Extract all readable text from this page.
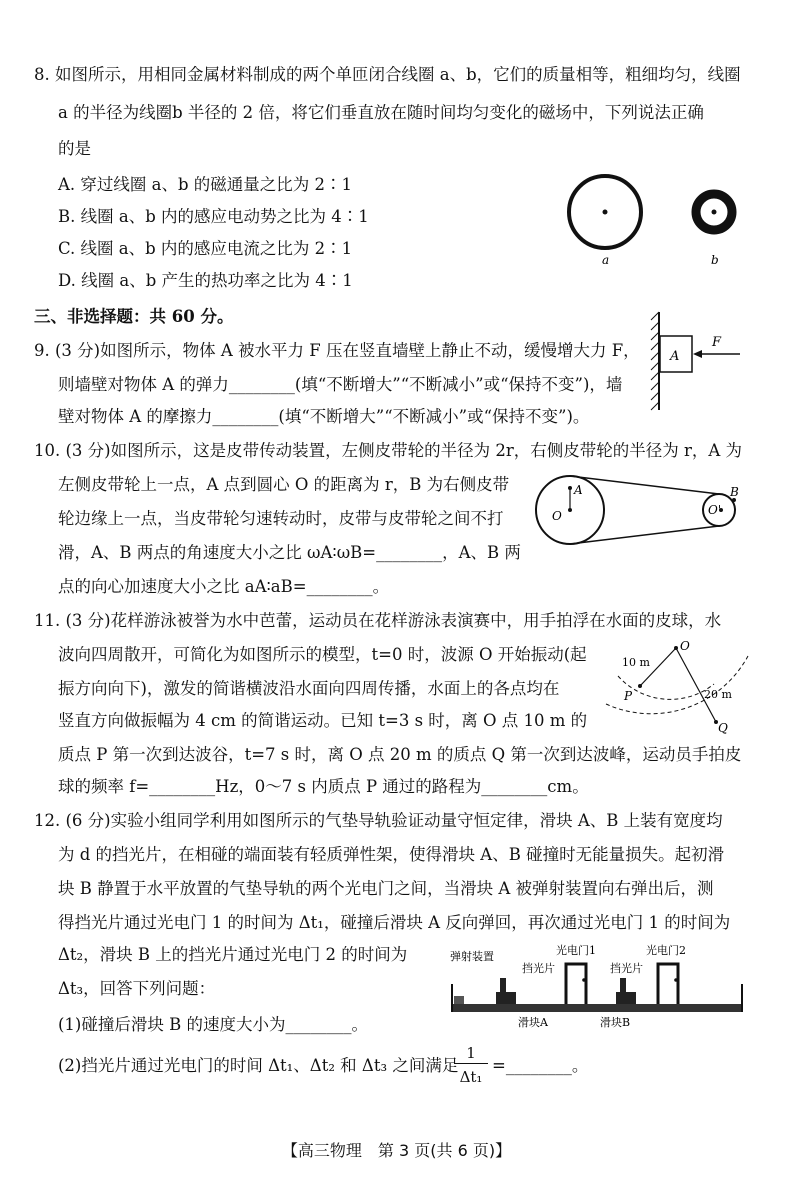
8. 如图所示，用相同金属材料制成的两个单匝闭合线圈 a、b，它们的质量相等，粗细均匀，线圈
a 的半径为线圈b 半径的 2 倍，将它们垂直放在随时间均匀变化的磁场中，下列说法正确
的是
A. 穿过线圈 a、b 的磁通量之比为 2∶1
B. 线圈 a、b 内的感应电动势之比为 4∶1
C. 线圈 a、b 内的感应电流之比为 2∶1
D. 线圈 a、b 产生的热功率之比为 4∶1
a	b
三、非选择题：共 60 分。
9. (3 分)如图所示，物体 A 被水平力 F 压在竖直墙壁上静止不动，缓慢增大力 F，
则墙壁对物体 A 的弹力________(填“不断增大”“不断减小”或“保持不变”)，墙
壁对物体 A 的摩擦力________(填“不断增大”“不断减小”或“保持不变”)。
A
F
10. (3 分)如图所示，这是皮带传动装置，左侧皮带轮的半径为 2r，右侧皮带轮的半径为 r，A 为
左侧皮带轮上一点，A 点到圆心 O 的距离为 r，B 为右侧皮带
轮边缘上一点，当皮带轮匀速转动时，皮带与皮带轮之间不打
滑，A、B 两点的角速度大小之比 ωA∶ωB=________，A、B 两
点的向心加速度大小之比 aA∶aB=________。
A
O	O'
B
11. (3 分)花样游泳被誉为水中芭蕾，运动员在花样游泳表演赛中，用手拍浮在水面的皮球，水
波向四周散开，可简化为如图所示的模型，t=0 时，波源 O 开始振动(起
振方向向下)，激发的简谐横波沿水面向四周传播，水面上的各点均在
竖直方向做振幅为 4 cm 的简谐运动。已知 t=3 s 时，离 O 点 10 m 的
质点 P 第一次到达波谷，t=7 s 时，离 O 点 20 m 的质点 Q 第一次到达波峰，运动员手拍皮
球的频率 f=________Hz，0～7 s 内质点 P 通过的路程为________cm。
O
P
Q
10 m
20 m
12. (6 分)实验小组同学利用如图所示的气垫导轨验证动量守恒定律，滑块 A、B 上装有宽度均
为 d 的挡光片，在相碰的端面装有轻质弹性架，使得滑块 A、B 碰撞时无能量损失。起初滑
块 B 静置于水平放置的气垫导轨的两个光电门之间，当滑块 A 被弹射装置向右弹出后，测
得挡光片通过光电门 1 的时间为 Δt₁，碰撞后滑块 A 反向弹回，再次通过光电门 1 的时间为
Δt₂，滑块 B 上的挡光片通过光电门 2 的时间为
Δt₃，回答下列问题：
(1)碰撞后滑块 B 的速度大小为________。
(2)挡光片通过光电门的时间 Δt₁、Δt₂ 和 Δt₃ 之间满足
1
Δt₁
=________。
弹射装置	光电门1	光电门2
挡光片	挡光片
滑块A	滑块B
【高三物理　第 3 页(共 6 页)】
